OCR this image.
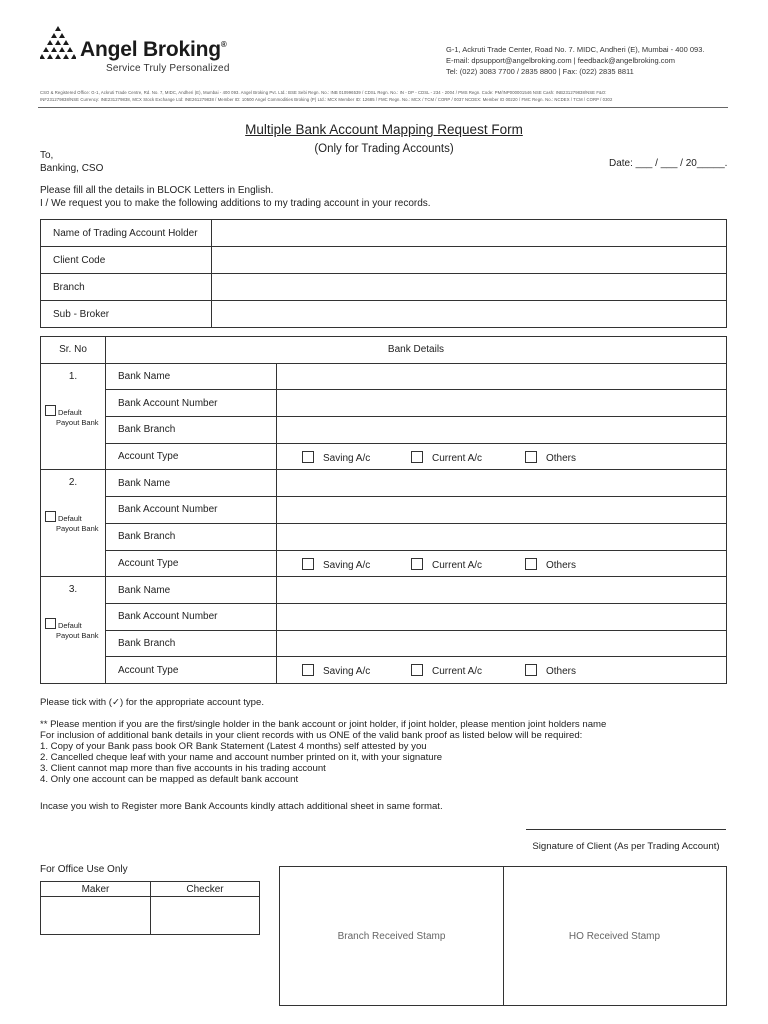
Angel Broking®
Service Truly Personalized
G-1, Ackruti Trade Center, Road No. 7. MIDC, Andheri (E), Mumbai - 400 093.
E-mail: dpsupport@angelbroking.com | feedback@angelbroking.com
Tel: (022) 3083 7700 / 2835 8800 | Fax: (022) 2835 8811
CSO & Registered Office: G-1, Ackruti Trade Centre, Rd. No. 7, MIDC, Andheri (E), Mumbai - 400 093. Angel Broking Pvt. Ltd.: BSE Sebi Regn. No.: INB 010996539 / CDSL Regn. No.: IN - DP - CDSL - 234 - 2004 / PMS Regn. Code: PM/INP000001546 NSE Cash: INB231279838/NSE F&O:
INF231279838/NSE Currency: INE231279838, MCX Stock Exchange Ltd: INE261279838 / Member ID: 10500 Angel Commodities Broking (P) Ltd.: MCX Member ID: 12685 / FMC Regn. No.: MCX / TCM / CORP / 0037 NCDEX: Member ID 00220 / FMC Regn. No.: NCDEX / TCM / CORP / 0302
Multiple Bank Account Mapping Request Form
(Only for Trading Accounts)
To,
Banking, CSO	Date: ___ / ___ / 20_____.
Please fill all the details in BLOCK Letters in English.
I / We request you to make the following additions to my trading account in your records.
Name of Trading Account Holder	
Client Code	
Branch	
Sub - Broker	
Sr. No	Bank Details	

1.
Default
Payout Bank	Bank Name	
	Bank Account Number	
	Bank Branch	
	Account Type	Saving A/c Current A/c Others

2.
Default
Payout Bank	Bank Name	
	Bank Account Number	
	Bank Branch	
	Account Type	Saving A/c Current A/c Others

3.
Default
Payout Bank	Bank Name	
	Bank Account Number	
	Bank Branch	
	Account Type	Saving A/c Current A/c Others
Please tick with (✓) for the appropriate account type.
** Please mention if you are the first/single holder in the bank account or joint holder, if joint holder, please mention joint holders name
For inclusion of additional bank details in your client records with us ONE of the valid bank proof as listed below will be required:
1. Copy of your Bank pass book OR Bank Statement (Latest 4 months) self attested by you
2. Cancelled cheque leaf with your name and account number printed on it, with your signature
3. Client cannot map more than five accounts in his trading account
4. Only one account can be mapped as default bank account
Incase you wish to Register more Bank Accounts kindly attach additional sheet in same format.
Signature of Client (As per Trading Account)
For Office Use Only
Maker	Checker

Branch Received Stamp	HO Received Stamp
